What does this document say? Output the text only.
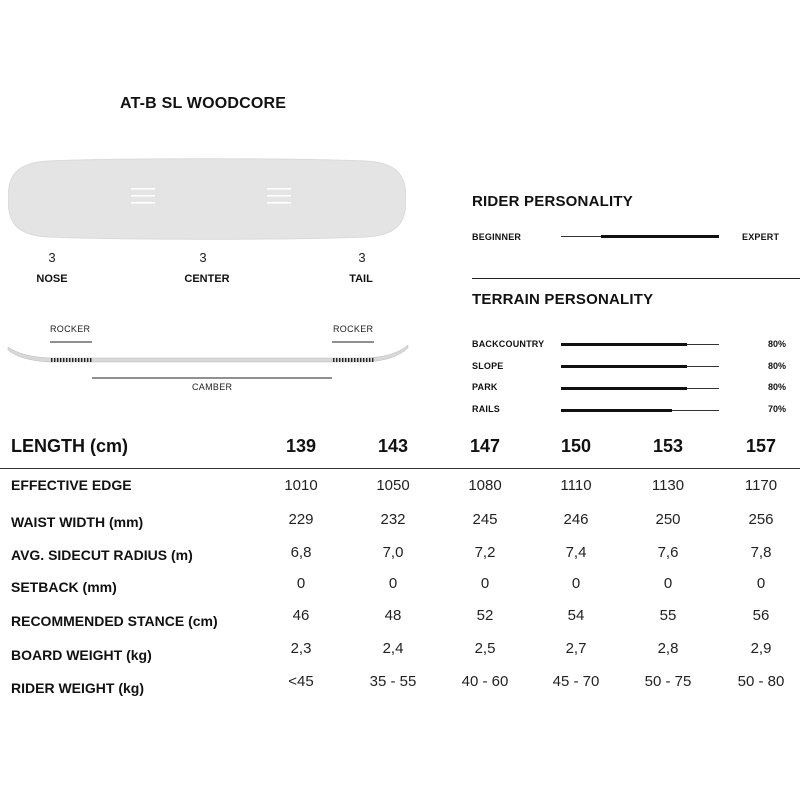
AT-B SL WOODCORE
3
NOSE
3
CENTER
3
TAIL
ROCKER	ROCKER
CAMBER
RIDER PERSONALITY
BEGINNER	EXPERT
TERRAIN PERSONALITY
BACKCOUNTRY	80%
SLOPE	80%
PARK	80%
RAILS	70%
LENGTH (cm)	139	143	147	150	153	157
EFFECTIVE EDGE	1010	1050	1080	1110	1130	1170
WAIST WIDTH (mm)	229	232	245	246	250	256
AVG. SIDECUT RADIUS (m)	6,8	7,0	7,2	7,4	7,6	7,8
SETBACK (mm)	0	0	0	0	0	0
RECOMMENDED STANCE (cm)	46	48	52	54	55	56
BOARD WEIGHT (kg)	2,3	2,4	2,5	2,7	2,8	2,9
RIDER WEIGHT (kg)	<45	35 - 55	40 - 60	45 - 70	50 - 75	50 - 80
